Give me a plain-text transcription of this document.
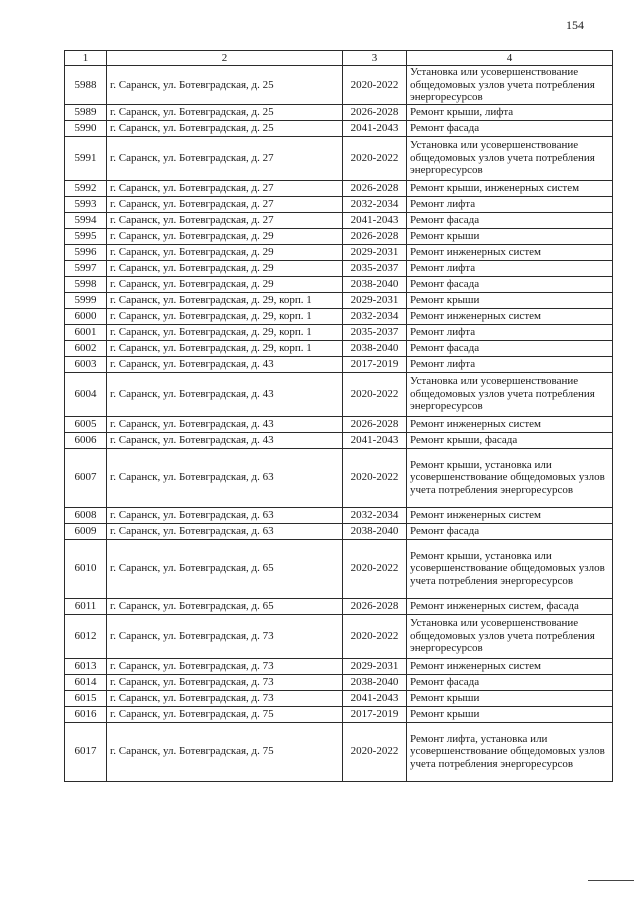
154
1	2	3	4
5988	г. Саранск, ул. Ботевградская, д. 25	2020-2022	Установка или усовершенствование общедомовых узлов учета потребления энергоресурсов
5989	г. Саранск, ул. Ботевградская, д. 25	2026-2028	Ремонт крыши, лифта
5990	г. Саранск, ул. Ботевградская, д. 25	2041-2043	Ремонт фасада
5991	г. Саранск, ул. Ботевградская, д. 27	2020-2022	Установка или усовершенствование общедомовых узлов учета потребления энергоресурсов
5992	г. Саранск, ул. Ботевградская, д. 27	2026-2028	Ремонт крыши, инженерных систем
5993	г. Саранск, ул. Ботевградская, д. 27	2032-2034	Ремонт лифта
5994	г. Саранск, ул. Ботевградская, д. 27	2041-2043	Ремонт фасада
5995	г. Саранск, ул. Ботевградская, д. 29	2026-2028	Ремонт крыши
5996	г. Саранск, ул. Ботевградская, д. 29	2029-2031	Ремонт инженерных систем
5997	г. Саранск, ул. Ботевградская, д. 29	2035-2037	Ремонт лифта
5998	г. Саранск, ул. Ботевградская, д. 29	2038-2040	Ремонт фасада
5999	г. Саранск, ул. Ботевградская, д. 29, корп. 1	2029-2031	Ремонт крыши
6000	г. Саранск, ул. Ботевградская, д. 29, корп. 1	2032-2034	Ремонт инженерных систем
6001	г. Саранск, ул. Ботевградская, д. 29, корп. 1	2035-2037	Ремонт лифта
6002	г. Саранск, ул. Ботевградская, д. 29, корп. 1	2038-2040	Ремонт фасада
6003	г. Саранск, ул. Ботевградская, д. 43	2017-2019	Ремонт лифта
6004	г. Саранск, ул. Ботевградская, д. 43	2020-2022	Установка или усовершенствование общедомовых узлов учета потребления энергоресурсов
6005	г. Саранск, ул. Ботевградская, д. 43	2026-2028	Ремонт инженерных систем
6006	г. Саранск, ул. Ботевградская, д. 43	2041-2043	Ремонт крыши, фасада
6007	г. Саранск, ул. Ботевградская, д. 63	2020-2022	Ремонт крыши, установка или усовершенствование общедомовых узлов учета потребления энергоресурсов
6008	г. Саранск, ул. Ботевградская, д. 63	2032-2034	Ремонт инженерных систем
6009	г. Саранск, ул. Ботевградская, д. 63	2038-2040	Ремонт фасада
6010	г. Саранск, ул. Ботевградская, д. 65	2020-2022	Ремонт крыши, установка или усовершенствование общедомовых узлов учета потребления энергоресурсов
6011	г. Саранск, ул. Ботевградская, д. 65	2026-2028	Ремонт инженерных систем, фасада
6012	г. Саранск, ул. Ботевградская, д. 73	2020-2022	Установка или усовершенствование общедомовых узлов учета потребления энергоресурсов
6013	г. Саранск, ул. Ботевградская, д. 73	2029-2031	Ремонт инженерных систем
6014	г. Саранск, ул. Ботевградская, д. 73	2038-2040	Ремонт фасада
6015	г. Саранск, ул. Ботевградская, д. 73	2041-2043	Ремонт крыши
6016	г. Саранск, ул. Ботевградская, д. 75	2017-2019	Ремонт крыши
6017	г. Саранск, ул. Ботевградская, д. 75	2020-2022	Ремонт лифта, установка или усовершенствование общедомовых узлов учета потребления энергоресурсов
